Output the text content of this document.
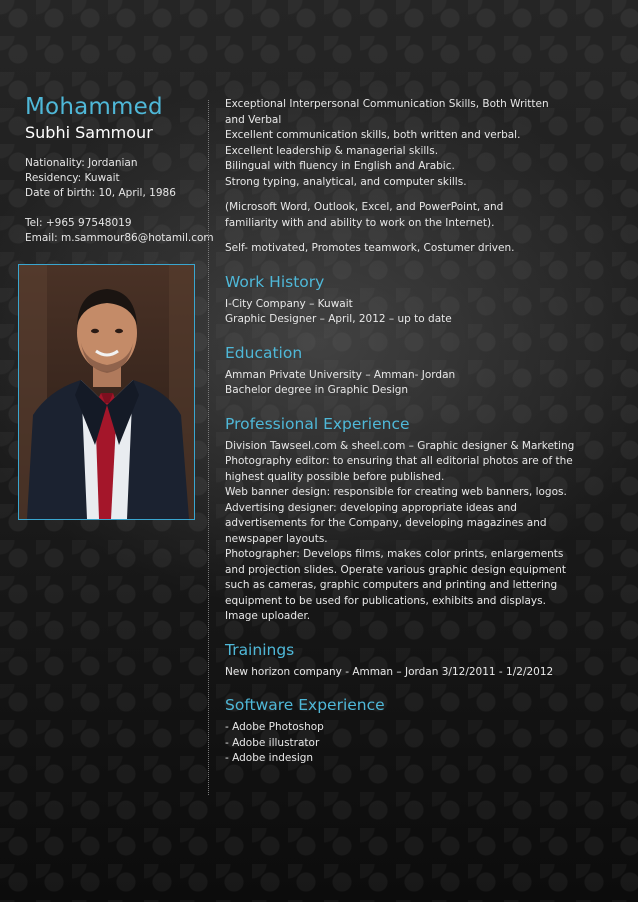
Mohammed
Subhi Sammour
Nationality: Jordanian
Residency: Kuwait
Date of birth: 10, April, 1986
Tel: +965 97548019
Email: m.sammour86@hotamil.com
Exceptional Interpersonal Communication Skills, Both Written
and Verbal
Excellent communication skills, both written and verbal.
Excellent leadership & managerial skills.
Bilingual with fluency in English and Arabic.
Strong typing, analytical, and computer skills.
(Microsoft Word, Outlook, Excel, and PowerPoint, and
familiarity with and ability to work on the Internet).
Self- motivated, Promotes teamwork, Costumer driven.
Work History
I-City Company – Kuwait
Graphic Designer – April, 2012 – up to date
Education
Amman Private University – Amman- Jordan
Bachelor degree in Graphic Design
Professional Experience
Division Tawseel.com & sheel.com – Graphic designer & Marketing
Photography editor: to ensuring that all editorial photos are of the
highest quality possible before published.
Web banner design: responsible for creating web banners, logos.
Advertising designer: developing appropriate ideas and
advertisements for the Company, developing magazines and
newspaper layouts.
Photographer: Develops films, makes color prints, enlargements
and projection slides. Operate various graphic design equipment
such as cameras, graphic computers and printing and lettering
equipment to be used for publications, exhibits and displays.
Image uploader.
Trainings
New horizon company - Amman – Jordan 3/12/2011 - 1/2/2012
Software Experience
- Adobe Photoshop
- Adobe illustrator
- Adobe indesign
